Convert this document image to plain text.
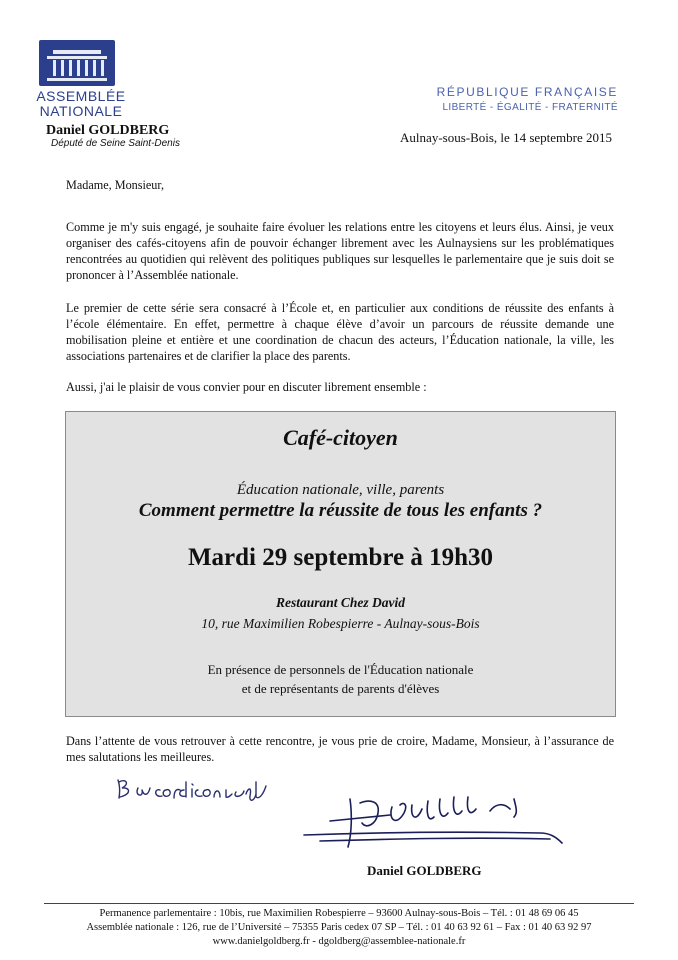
ASSEMBLÉE
NATIONALE
Daniel GOLDBERG
Député de Seine Saint-Denis
RÉPUBLIQUE FRANÇAISE
LIBERTÉ - ÉGALITÉ - FRATERNITÉ
Aulnay-sous-Bois, le 14 septembre 2015
Madame, Monsieur,
Comme je m'y suis engagé, je souhaite faire évoluer les relations entre les citoyens et leurs élus. Ainsi, je veux organiser des cafés-citoyens afin de pouvoir échanger librement avec les Aulnaysiens sur les problématiques rencontrées au quotidien qui relèvent des politiques publiques sur lesquelles le parlementaire que je suis doit se prononcer à l’Assemblée nationale.
Le premier de cette série sera consacré à l’École et, en particulier aux conditions de réussite des enfants à l’école élémentaire. En effet, permettre à chaque élève d’avoir un parcours de réussite demande une mobilisation pleine et entière et une coordination de chacun des acteurs, l’Éducation nationale, la ville, les associations partenaires et de clarifier la place des parents.
Aussi, j'ai le plaisir de vous convier pour en discuter librement ensemble :
Café-citoyen
Éducation nationale, ville, parents
Comment permettre la réussite de tous les enfants ?
Mardi 29 septembre à 19h30
Restaurant Chez David
10, rue Maximilien Robespierre - Aulnay-sous-Bois
En présence de personnels de l'Éducation nationale
et de représentants de parents d'élèves
Dans l’attente de vous retrouver à cette rencontre, je vous prie de croire, Madame, Monsieur, à l’assurance de mes salutations les meilleures.
Daniel GOLDBERG
Permanence parlementaire : 10bis, rue Maximilien Robespierre – 93600 Aulnay-sous-Bois – Tél. : 01 48 69 06 45
Assemblée nationale : 126, rue de l’Université – 75355 Paris cedex 07 SP – Tél. : 01 40 63 92 61 – Fax : 01 40 63 92 97
www.danielgoldberg.fr - dgoldberg@assemblee-nationale.fr
